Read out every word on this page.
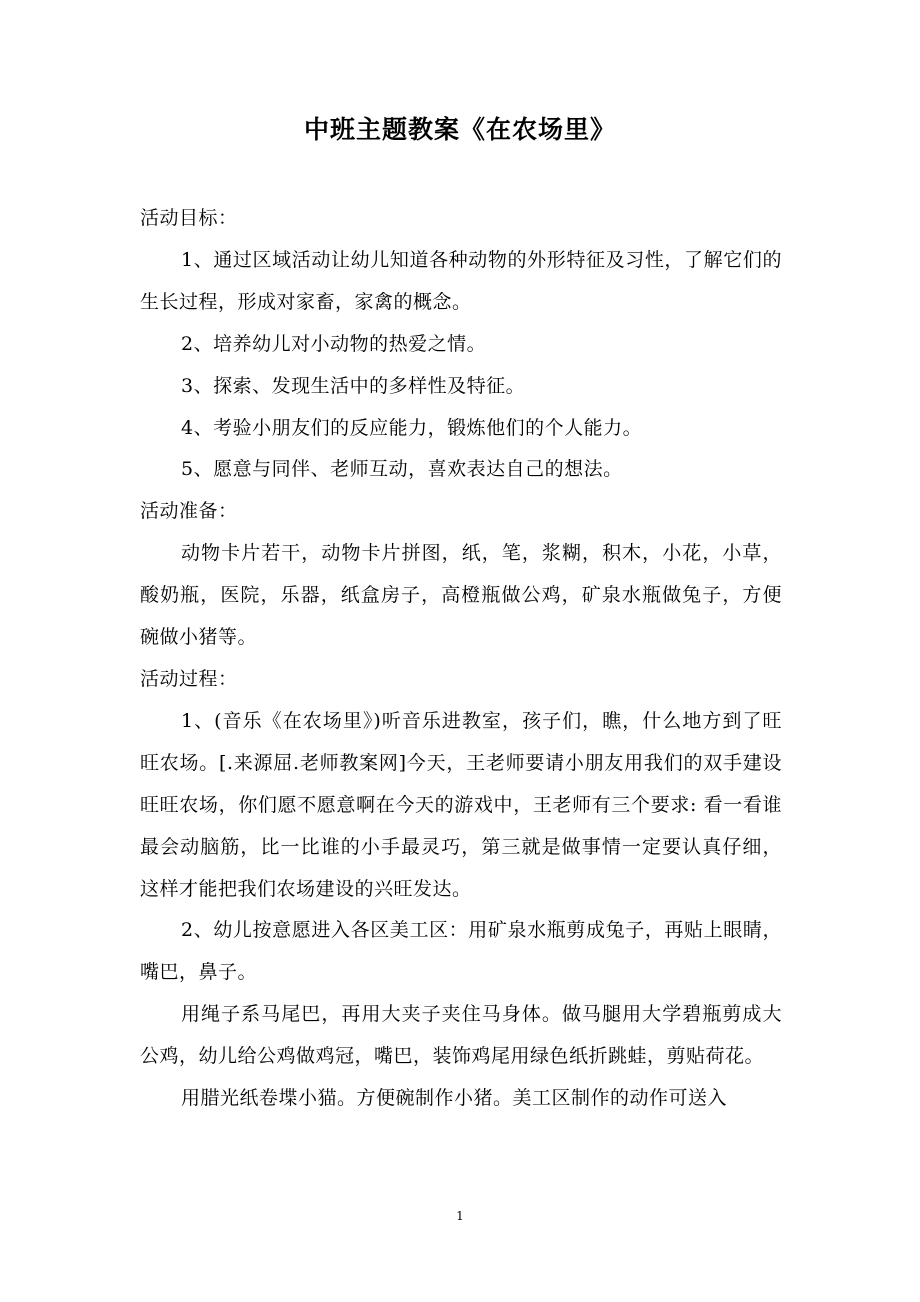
中班主题教案《在农场里》

活动目标：

1、通过区域活动让幼儿知道各种动物的外形特征及习性，了解它们的生长过程，形成对家畜，家禽的概念。

2、培养幼儿对小动物的热爱之情。

3、探索、发现生活中的多样性及特征。

4、考验小朋友们的反应能力，锻炼他们的个人能力。

5、愿意与同伴、老师互动，喜欢表达自己的想法。

活动准备：

动物卡片若干，动物卡片拼图，纸，笔，浆糊，积木，小花，小草，酸奶瓶，医院，乐器，纸盒房子，高橙瓶做公鸡，矿泉水瓶做兔子，方便碗做小猪等。

活动过程：

1、(音乐《在农场里》)听音乐进教室，孩子们，瞧，什么地方到了旺旺农场。[.来源屈.老师教案网]今天，王老师要请小朋友用我们的双手建设旺旺农场，你们愿不愿意啊在今天的游戏中，王老师有三个要求: 看一看谁最会动脑筋，比一比谁的小手最灵巧，第三就是做事情一定要认真仔细，这样才能把我们农场建设的兴旺发达。

2、幼儿按意愿进入各区美工区：用矿泉水瓶剪成兔子，再贴上眼睛，嘴巴，鼻子。

用绳子系马尾巴，再用大夹子夹住马身体。做马腿用大学碧瓶剪成大公鸡，幼儿给公鸡做鸡冠，嘴巴，装饰鸡尾用绿色纸折跳蛙，剪贴荷花。

用腊光纸卷堞小猫。方便碗制作小猪。美工区制作的动作可送入

1
